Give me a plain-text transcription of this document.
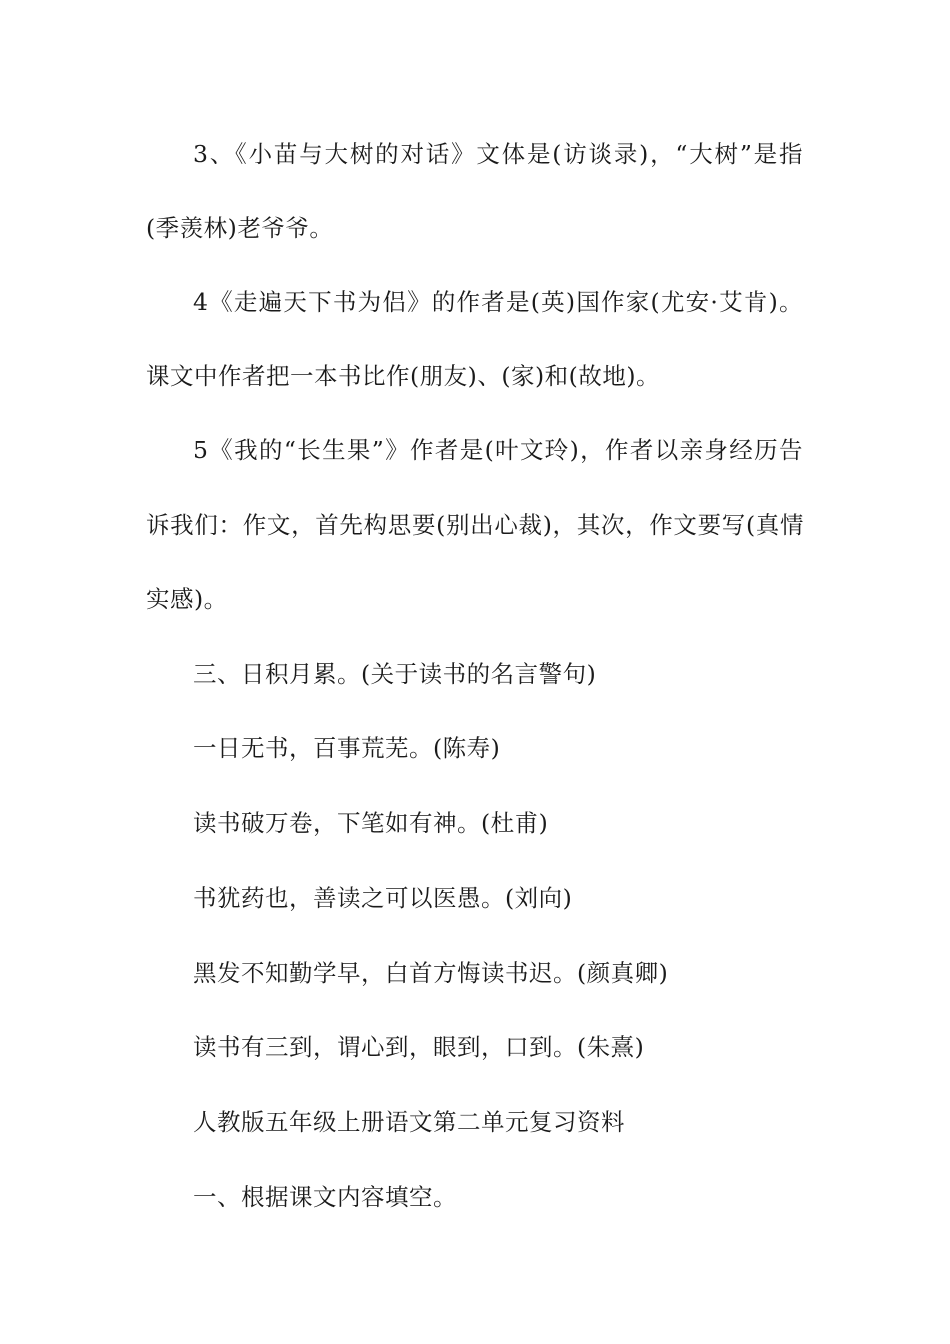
3、《小苗与大树的对话》文体是(访谈录)，“大树”是指
(季羡林)老爷爷。
4《走遍天下书为侣》的作者是(英)国作家(尤安·艾肯)。
课文中作者把一本书比作(朋友)、(家)和(故地)。
5《我的“长生果”》作者是(叶文玲)，作者以亲身经历告
诉我们：作文，首先构思要(别出心裁)，其次，作文要写(真情
实感)。
三、日积月累。(关于读书的名言警句)
一日无书，百事荒芜。(陈寿)
读书破万卷，下笔如有神。(杜甫)
书犹药也，善读之可以医愚。(刘向)
黑发不知勤学早，白首方悔读书迟。(颜真卿)
读书有三到，谓心到，眼到，口到。(朱熹)
人教版五年级上册语文第二单元复习资料
一、根据课文内容填空。
